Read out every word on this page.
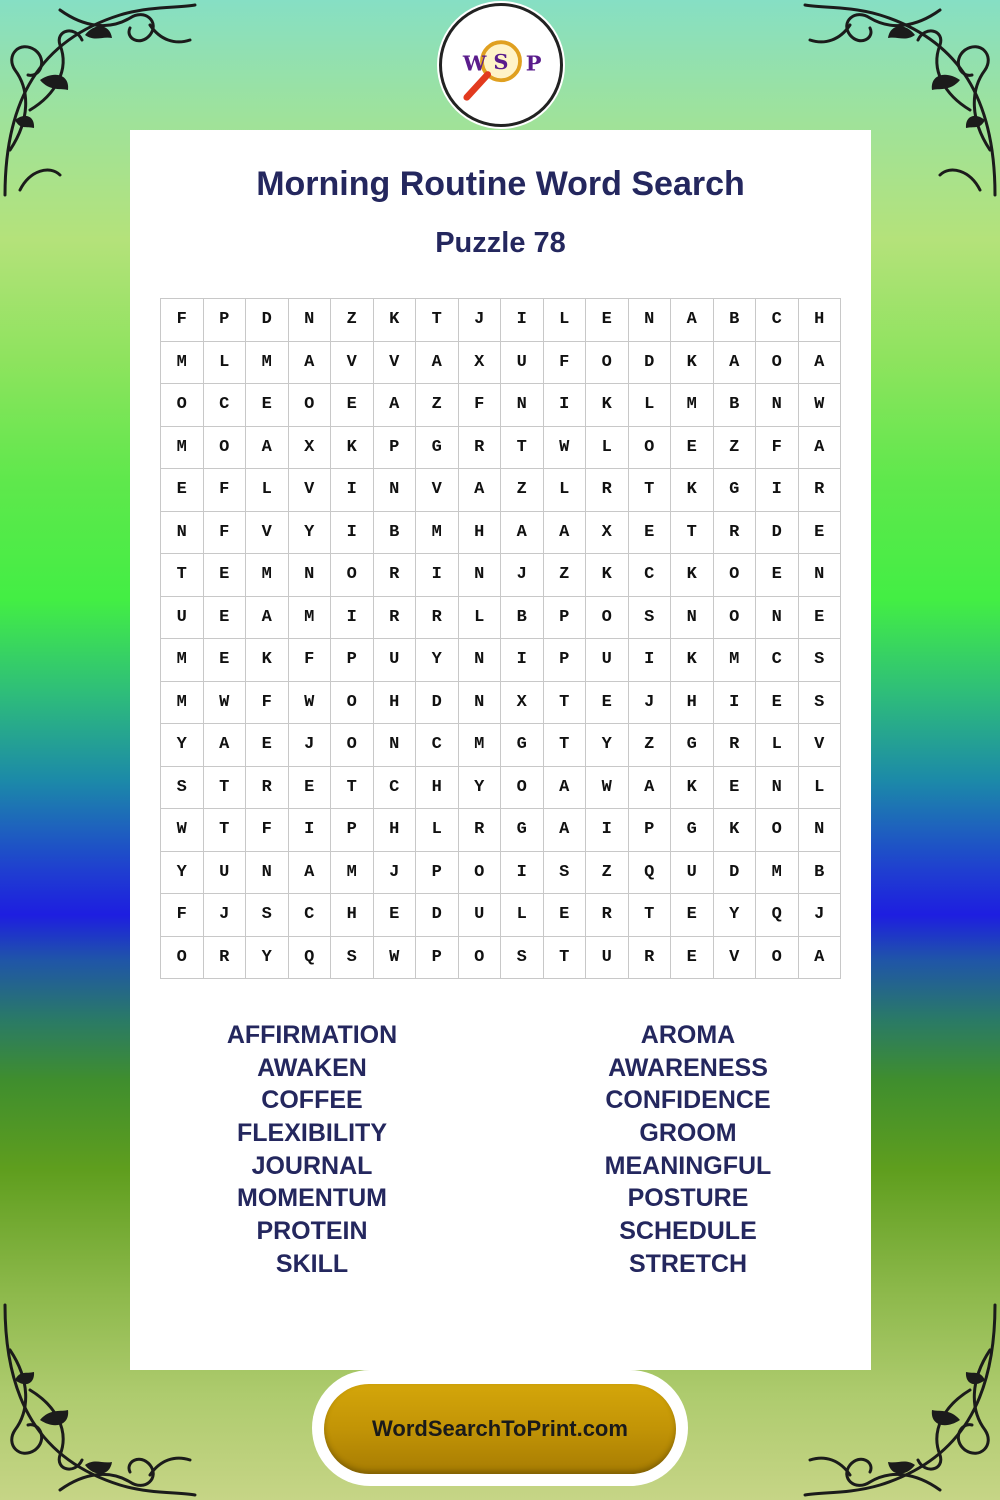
W S P
Morning Routine Word Search
Puzzle 78
F	P	D	N	Z	K	T	J	I	L	E	N	A	B	C	H
M	L	M	A	V	V	A	X	U	F	O	D	K	A	O	A
O	C	E	O	E	A	Z	F	N	I	K	L	M	B	N	W
M	O	A	X	K	P	G	R	T	W	L	O	E	Z	F	A
E	F	L	V	I	N	V	A	Z	L	R	T	K	G	I	R
N	F	V	Y	I	B	M	H	A	A	X	E	T	R	D	E
T	E	M	N	O	R	I	N	J	Z	K	C	K	O	E	N
U	E	A	M	I	R	R	L	B	P	O	S	N	O	N	E
M	E	K	F	P	U	Y	N	I	P	U	I	K	M	C	S
M	W	F	W	O	H	D	N	X	T	E	J	H	I	E	S
Y	A	E	J	O	N	C	M	G	T	Y	Z	G	R	L	V
S	T	R	E	T	C	H	Y	O	A	W	A	K	E	N	L
W	T	F	I	P	H	L	R	G	A	I	P	G	K	O	N
Y	U	N	A	M	J	P	O	I	S	Z	Q	U	D	M	B
F	J	S	C	H	E	D	U	L	E	R	T	E	Y	Q	J
O	R	Y	Q	S	W	P	O	S	T	U	R	E	V	O	A
AFFIRMATION
AWAKEN
COFFEE
FLEXIBILITY
JOURNAL
MOMENTUM
PROTEIN
SKILL
AROMA
AWARENESS
CONFIDENCE
GROOM
MEANINGFUL
POSTURE
SCHEDULE
STRETCH
WordSearchToPrint.com
